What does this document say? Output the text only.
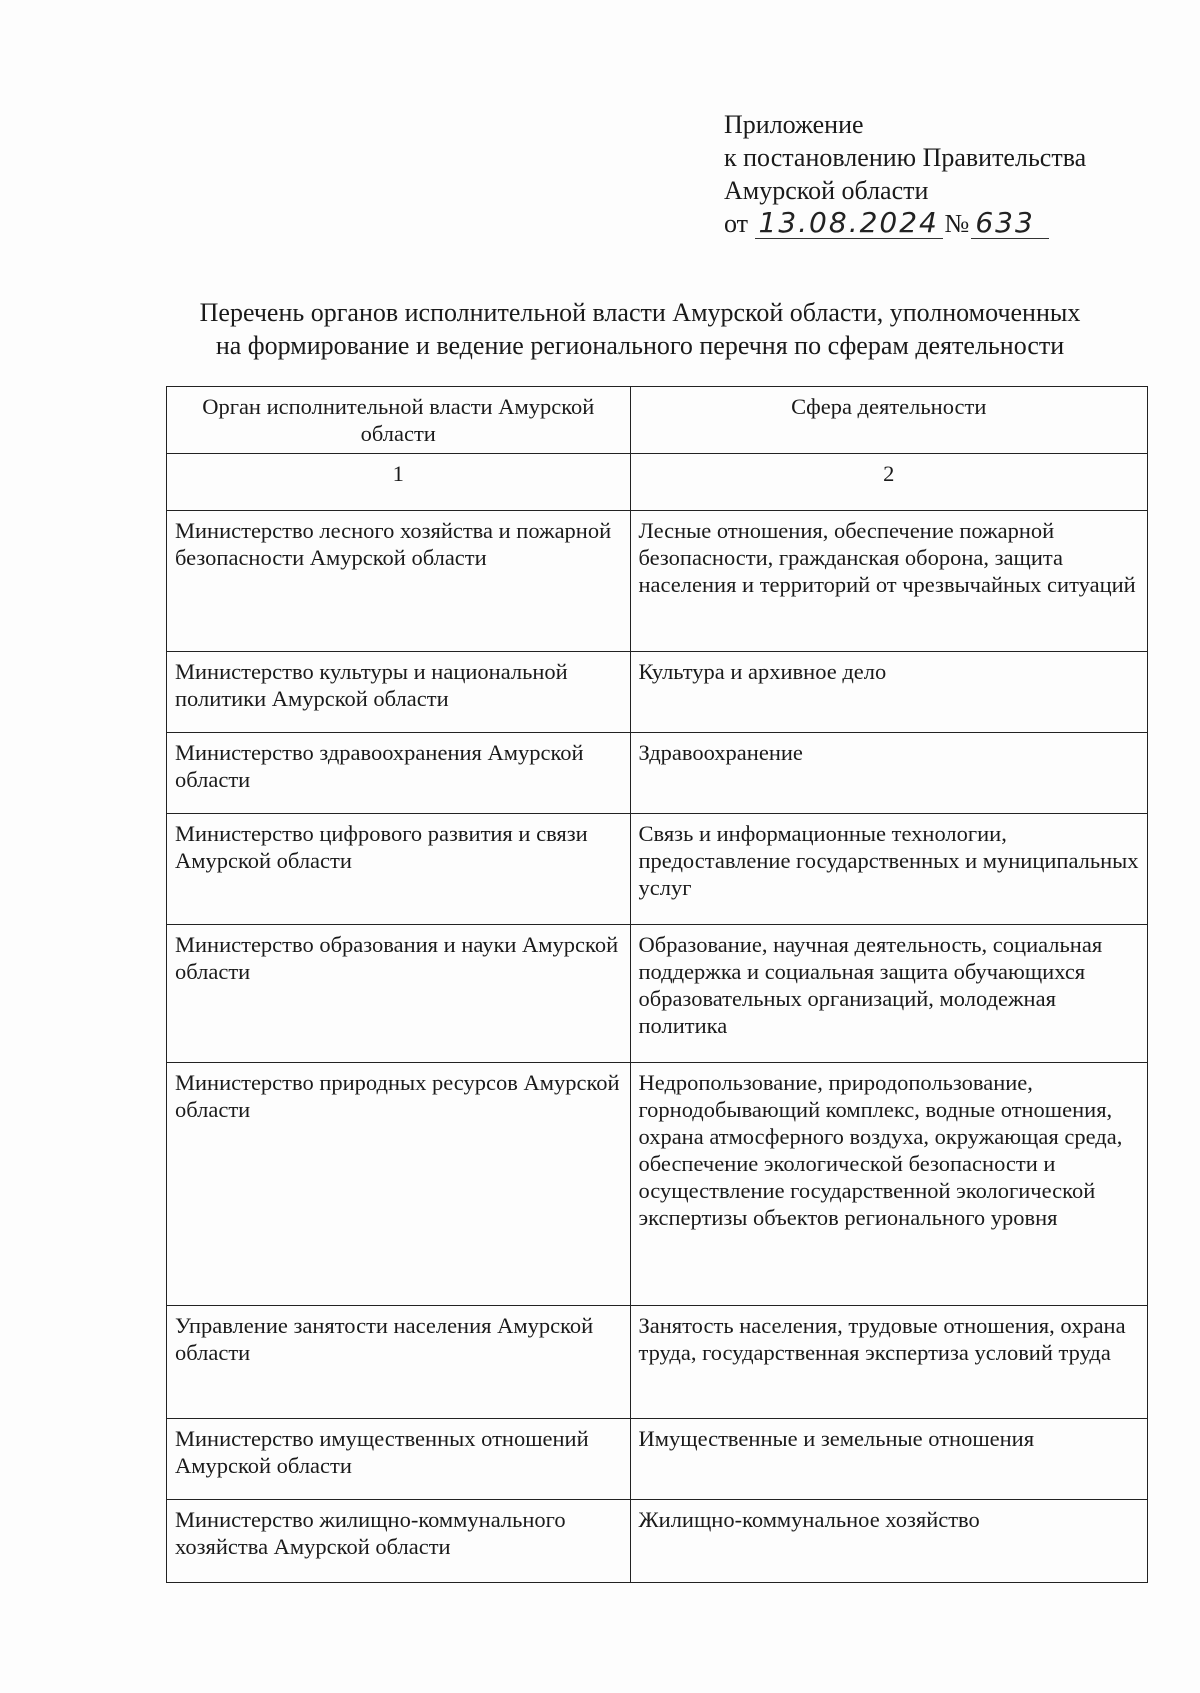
Приложение
к постановлению Правительства
Амурской области
от
13.08.2024 № 633
Перечень органов исполнительной власти Амурской области, уполномоченных
на формирование и ведение регионального перечня по сферам деятельности
Орган исполнительной власти Амурской области	Сфера деятельности
1	2
Министерство лесного хозяйства и пожарной безопасности Амурской области	Лесные отношения, обеспечение пожарной безопасности, гражданская оборона, защита населения и территорий от чрезвычайных ситуаций
Министерство культуры и национальной политики Амурской области	Культура и архивное дело
Министерство здравоохранения Амурской области	Здравоохранение
Министерство цифрового развития и связи Амурской области	Связь и информационные технологии, предоставление государственных и муниципальных услуг
Министерство образования и науки Амурской области	Образование, научная деятельность, социальная поддержка и социальная защита обучающихся образовательных организаций, молодежная политика
Министерство природных ресурсов Амурской области	Недропользование, природопользование, горнодобывающий комплекс, водные отношения, охрана атмосферного воздуха, окружающая среда, обеспечение экологической безопасности и осуществление государственной экологической экспертизы объектов регионального уровня
Управление занятости населения Амурской области	Занятость населения, трудовые отношения, охрана труда, государственная экспертиза условий труда
Министерство имущественных отношений Амурской области	Имущественные и земельные отношения
Министерство жилищно-коммунального хозяйства Амурской области	Жилищно-коммунальное хозяйство
